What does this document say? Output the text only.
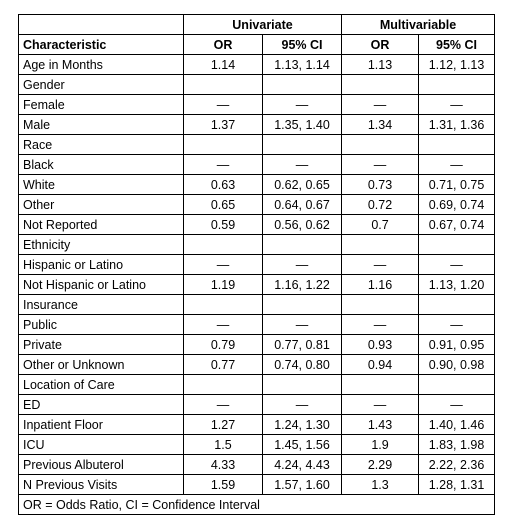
	Univariate		Multivariable	
Characteristic	OR	95% CI	OR	95% CI
Age in Months	1.14	1.13, 1.14	1.13	1.12, 1.13
Gender				
Female	—	—	—	—
Male	1.37	1.35, 1.40	1.34	1.31, 1.36
Race				
Black	—	—	—	—
White	0.63	0.62, 0.65	0.73	0.71, 0.75
Other	0.65	0.64, 0.67	0.72	0.69, 0.74
Not Reported	0.59	0.56, 0.62	0.7	0.67, 0.74
Ethnicity				
Hispanic or Latino	—	—	—	—
Not Hispanic or Latino	1.19	1.16, 1.22	1.16	1.13, 1.20
Insurance				
Public	—	—	—	—
Private	0.79	0.77, 0.81	0.93	0.91, 0.95
Other or Unknown	0.77	0.74, 0.80	0.94	0.90, 0.98
Location of Care				
ED	—	—	—	—
Inpatient Floor	1.27	1.24, 1.30	1.43	1.40, 1.46
ICU	1.5	1.45, 1.56	1.9	1.83, 1.98
Previous Albuterol	4.33	4.24, 4.43	2.29	2.22, 2.36
N Previous Visits	1.59	1.57, 1.60	1.3	1.28, 1.31
OR = Odds Ratio, CI = Confidence Interval				
